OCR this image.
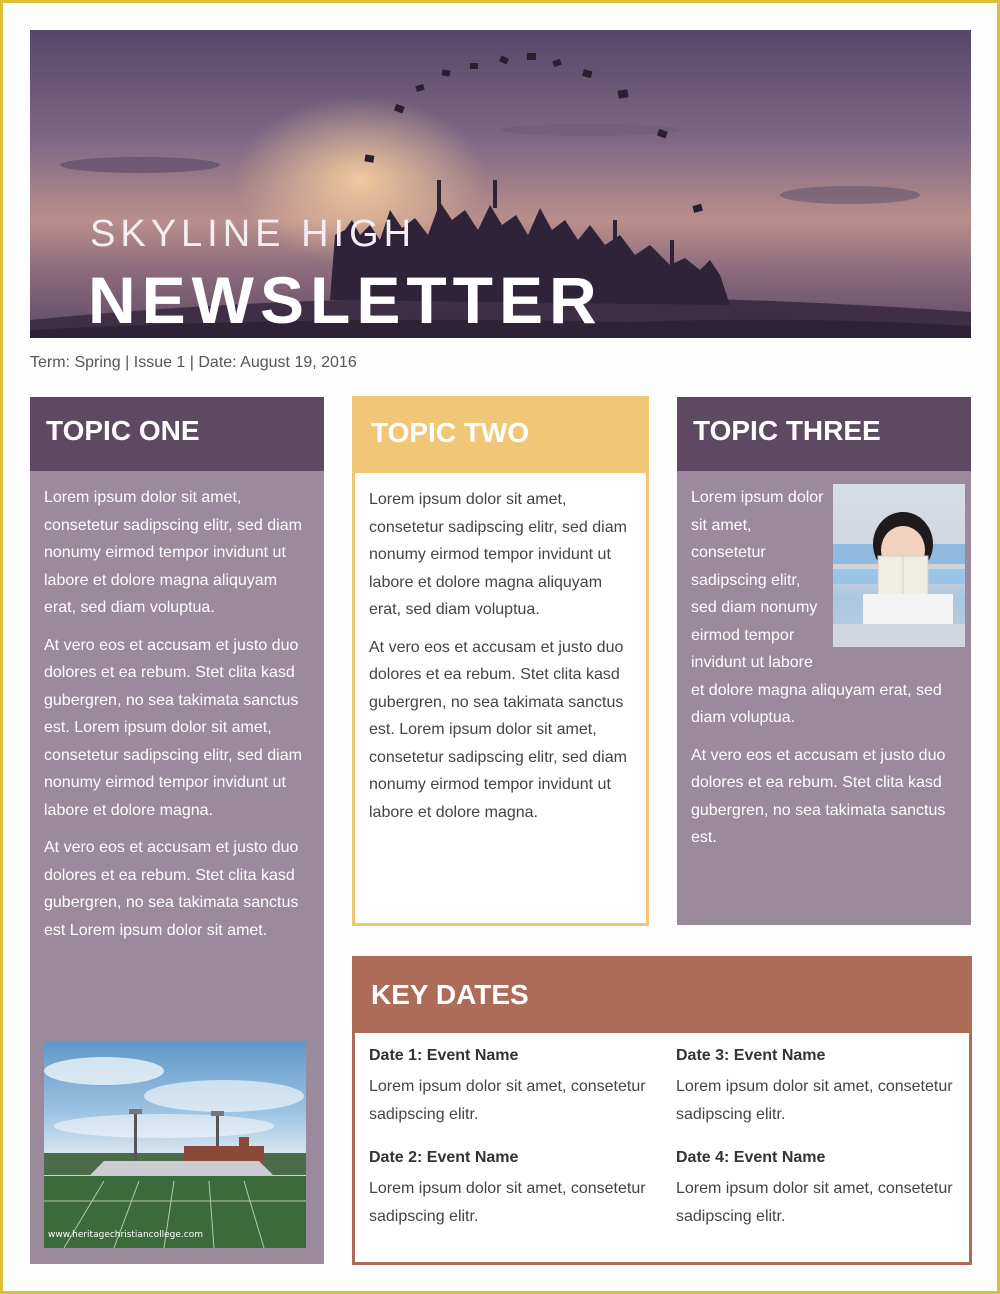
SKYLINE HIGH

NEWSLETTER

Term: Spring | Issue 1 | Date: August 19, 2016

TOPIC ONE

Lorem ipsum dolor sit amet, consetetur sadipscing elitr, sed diam nonumy eirmod tempor invidunt ut labore et dolore magna aliquyam erat, sed diam voluptua.

At vero eos et accusam et justo duo dolores et ea rebum. Stet clita kasd gubergren, no sea takimata sanctus est. Lorem ipsum dolor sit amet, consetetur sadipscing elitr, sed diam nonumy eirmod tempor invidunt ut labore et dolore magna.

At vero eos et accusam et justo duo dolores et ea rebum. Stet clita kasd gubergren, no sea takimata sanctus est Lorem ipsum dolor sit amet.

www.heritagechristiancollege.com

TOPIC TWO

Lorem ipsum dolor sit amet, consetetur sadipscing elitr, sed diam nonumy eirmod tempor invidunt ut labore et dolore magna aliquyam erat, sed diam voluptua.

At vero eos et accusam et justo duo dolores et ea rebum. Stet clita kasd gubergren, no sea takimata sanctus est. Lorem ipsum dolor sit amet, consetetur sadipscing elitr, sed diam nonumy eirmod tempor invidunt ut labore et dolore magna.

TOPIC THREE

Lorem ipsum dolor sit amet, consetetur sadipscing elitr, sed diam nonumy eirmod tempor invidunt ut labore et dolore magna aliquyam erat, sed diam voluptua.

At vero eos et accusam et justo duo dolores et ea rebum. Stet clita kasd gubergren, no sea takimata sanctus est.

KEY DATES

Date 1: Event Name

Lorem ipsum dolor sit amet, consetetur sadipscing elitr.

Date 2: Event Name

Lorem ipsum dolor sit amet, consetetur sadipscing elitr.

Date 3: Event Name

Lorem ipsum dolor sit amet, consetetur sadipscing elitr.

Date 4: Event Name

Lorem ipsum dolor sit amet, consetetur sadipscing elitr.
